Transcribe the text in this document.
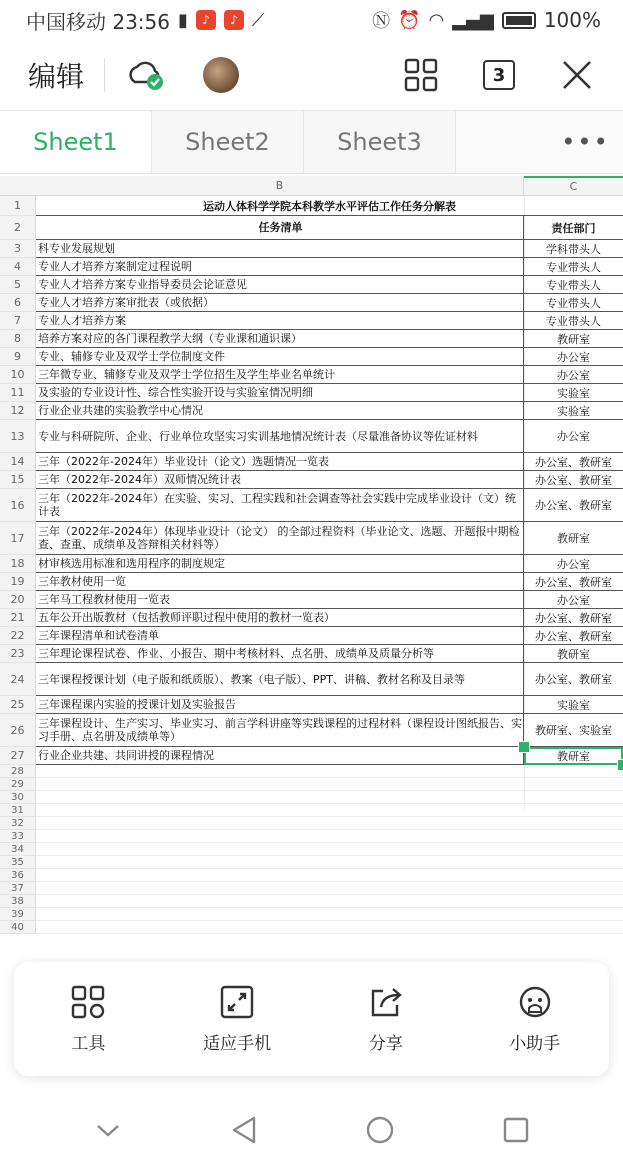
中国移动 23:56 ▮	♪	♪ ⟋	Ⓝ ⏰ ◠ ▂▄▆	100%
编辑	3
Sheet1	Sheet2	Sheet3	•••
B	C
1	运动人体科学学院本科教学水平评估工作任务分解表
2	任务清单	责任部门
3	科专业发展规划	学科带头人
4	专业人才培养方案制定过程说明	专业带头人
5	专业人才培养方案专业指导委员会论证意见	专业带头人
6	专业人才培养方案审批表（或依据）	专业带头人
7	专业人才培养方案	专业带头人
8	培养方案对应的各门课程教学大纲（专业课和通识课）	教研室
9	专业、辅修专业及双学士学位制度文件	办公室
10	三年微专业、辅修专业及双学士学位招生及学生毕业名单统计	办公室
11	及实验的专业设计性、综合性实验开设与实验室情况明细	实验室
12	行业企业共建的实验教学中心情况	实验室
13	专业与科研院所、企业、行业单位攻坚实习实训基地情况统计表（尽量准备协议等佐证材料	办公室
14	三年（2022年-2024年）毕业设计（论文）选题情况一览表	办公室、教研室
15	三年（2022年-2024年）双师情况统计表	办公室、教研室
16	三年（2022年-2024年）在实验、实习、工程实践和社会调查等社会实践中完成毕业设计（文）统计表	办公室、教研室
17	三年（2022年-2024年）体现毕业设计（论文） 的全部过程资料（毕业论文、选题、开题报中期检查、查重、成绩单及答辩相关材料等）	教研室
18	材审核选用标准和选用程序的制度规定	办公室
19	三年教材使用一览	办公室、教研室
20	三年马工程教材使用一览表	办公室
21	五年公开出版教材（包括教师评职过程中使用的教材一览表）	办公室、教研室
22	三年课程清单和试卷清单	办公室、教研室
23	三年理论课程试卷、作业、小报告、期中考核材料、点名册、成绩单及质量分析等	教研室
24	三年课程授课计划（电子版和纸质版）、教案（电子版）、PPT、讲稿、教材名称及目录等	办公室、教研室
25	三年课程课内实验的授课计划及实验报告	实验室
26	三年课程设计、生产实习、毕业实习、前言学科讲座等实践课程的过程材料（课程设计图纸报告、实习手册、点名册及成绩单等）	教研室、实验室
27	行业企业共建、共同讲授的课程情况	教研室
28
29
30
31
32
33
34
35
36
37
38
39
40
工具	适应手机	分享	小助手
